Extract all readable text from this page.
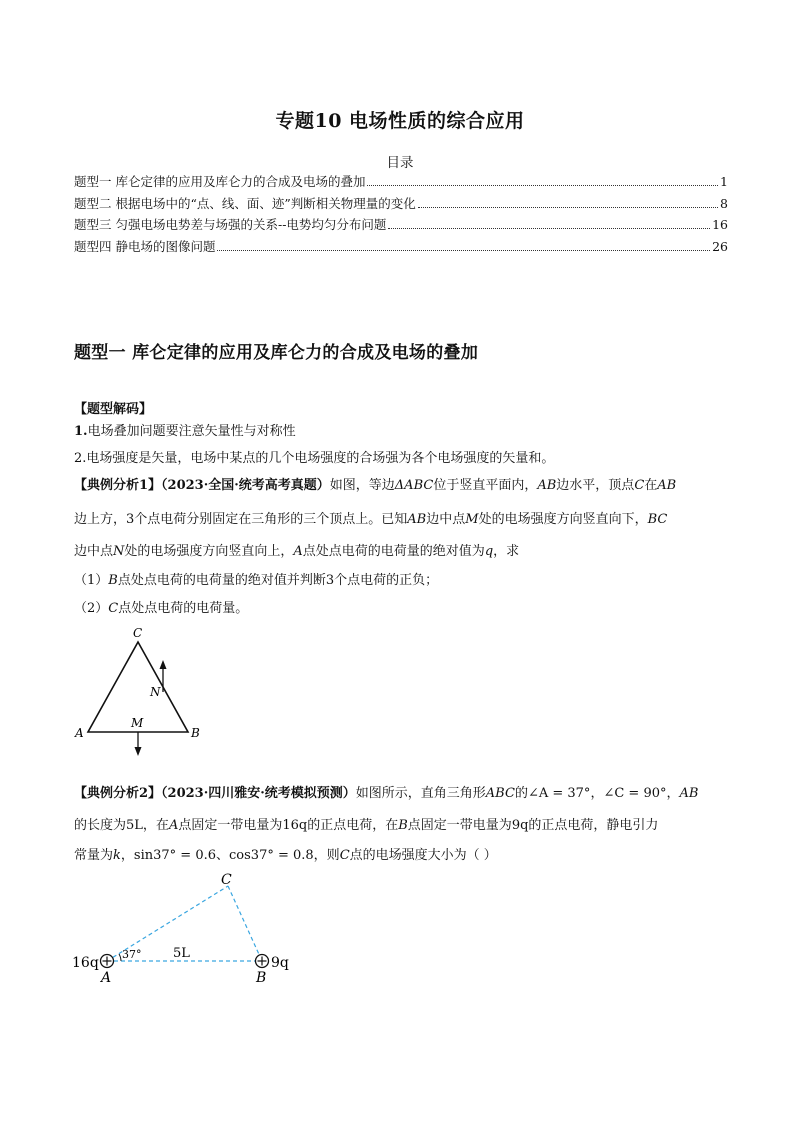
专题10 电场性质的综合应用
目录
题型一 库仑定律的应用及库仑力的合成及电场的叠加	1
题型二 根据电场中的“点、线、面、迹”判断相关物理量的变化	8
题型三 匀强电场电势差与场强的关系--电势均匀分布问题	16
题型四 静电场的图像问题	26
题型一 库仑定律的应用及库仑力的合成及电场的叠加
【题型解码】
1.电场叠加问题要注意矢量性与对称性
2.电场强度是矢量，电场中某点的几个电场强度的合场强为各个电场强度的矢量和。
【典例分析1】（2023·全国·统考高考真题）如图，等边ΔABC位于竖直平面内，AB边水平，顶点C在AB
边上方，3个点电荷分别固定在三角形的三个顶点上。已知AB边中点M处的电场强度方向竖直向下，BC
边中点N处的电场强度方向竖直向上，A点处点电荷的电荷量的绝对值为q，求
（1）B点处点电荷的电荷量的绝对值并判断3个点电荷的正负；
（2）C点处点电荷的电荷量。
C
N
M
A	B
【典例分析2】（2023·四川雅安·统考模拟预测）如图所示，直角三角形ABC的∠A = 37°，∠C = 90°，AB
的长度为5L，在A点固定一带电量为16q的正点电荷，在B点固定一带电量为9q的正点电荷，静电引力
常量为k，sin37° = 0.6、cos37° = 0.8，则C点的电场强度大小为（ ）
C
A	B
16q	9q
37° 5L
